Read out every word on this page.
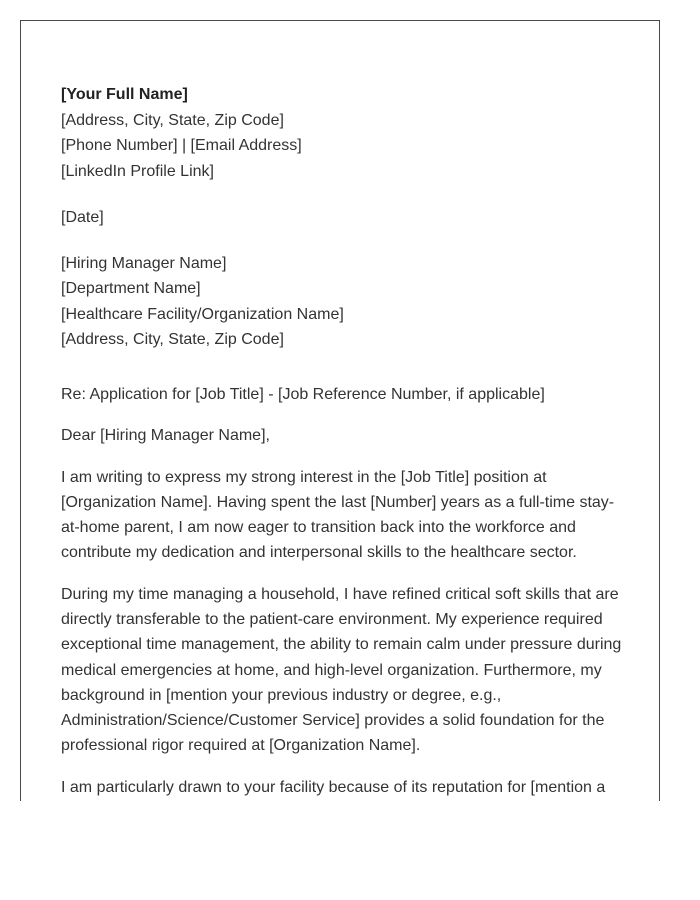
[Your Full Name]
[Address, City, State, Zip Code]
[Phone Number] | [Email Address]
[LinkedIn Profile Link]
[Date]
[Hiring Manager Name]
[Department Name]
[Healthcare Facility/Organization Name]
[Address, City, State, Zip Code]
Re: Application for [Job Title] - [Job Reference Number, if applicable]
Dear [Hiring Manager Name],

I am writing to express my strong interest in the [Job Title] position at [Organization Name]. Having spent the last [Number] years as a full-time stay-at-home parent, I am now eager to transition back into the workforce and contribute my dedication and interpersonal skills to the healthcare sector.

During my time managing a household, I have refined critical soft skills that are directly transferable to the patient-care environment. My experience required exceptional time management, the ability to remain calm under pressure during medical emergencies at home, and high-level organization. Furthermore, my background in [mention your previous industry or degree, e.g., Administration/Science/Customer Service] provides a solid foundation for the professional rigor required at [Organization Name].

I am particularly drawn to your facility because of its reputation for [mention a
